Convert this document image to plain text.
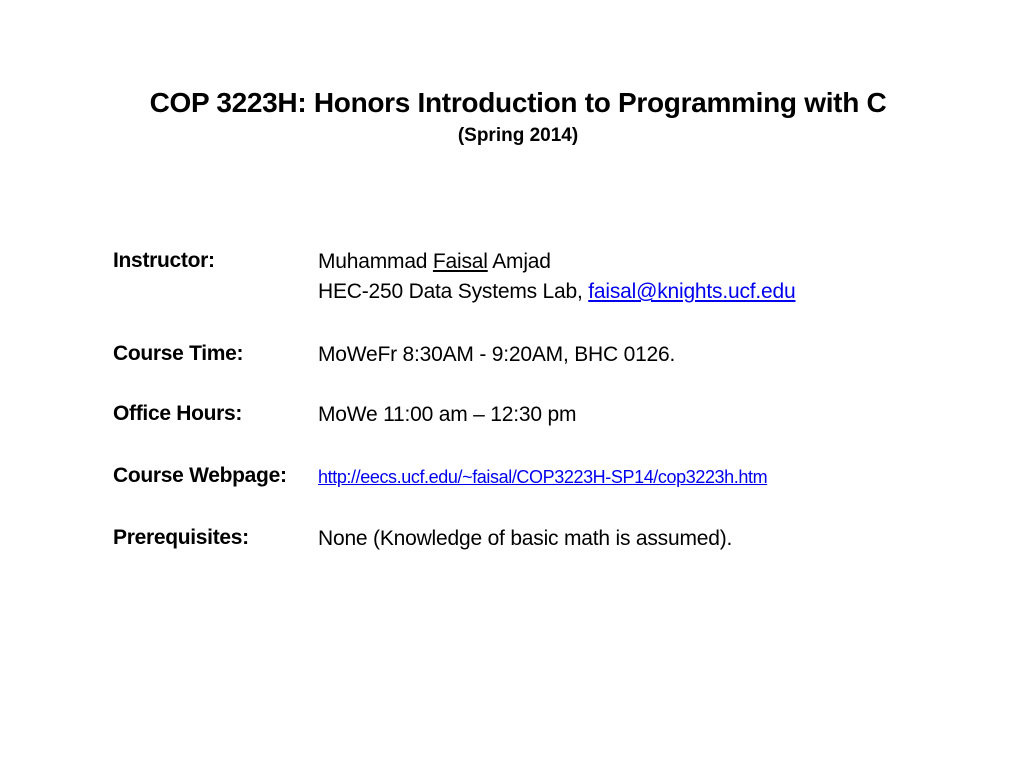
COP 3223H: Honors Introduction to Programming with C
(Spring 2014)
Instructor:	Muhammad Faisal Amjad
HEC-250 Data Systems Lab, faisal@knights.ucf.edu
Course Time:	MoWeFr 8:30AM - 9:20AM, BHC 0126.
Office Hours:	MoWe 11:00 am – 12:30 pm
Course Webpage: http://eecs.ucf.edu/~faisal/COP3223H-SP14/cop3223h.htm
Prerequisites:	None (Knowledge of basic math is assumed).
